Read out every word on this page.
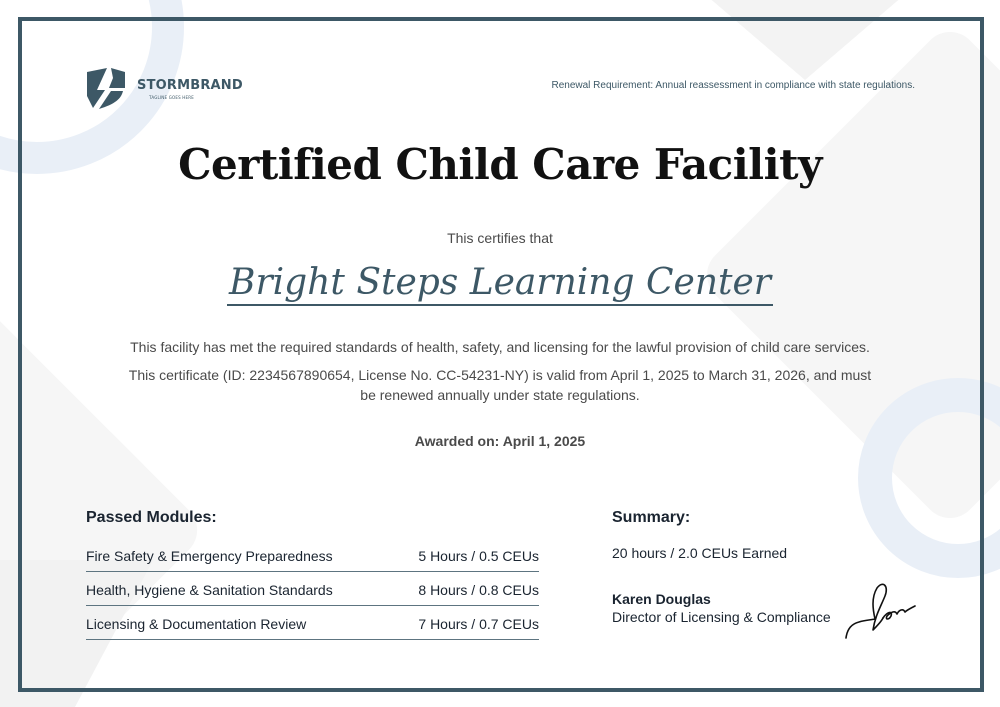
STORMBRAND
TAGLINE GOES HERE
Renewal Requirement: Annual reassessment in compliance with state regulations.
Certified Child Care Facility
This certifies that
Bright Steps Learning Center
This facility has met the required standards of health, safety, and licensing for the lawful provision of child care services.
This certificate (ID: 2234567890654, License No. CC-54231-NY) is valid from April 1, 2025 to March 31, 2026, and must be renewed annually under state regulations.
Awarded on: April 1, 2025
Passed Modules:
Fire Safety & Emergency Preparedness	5 Hours / 0.5 CEUs
Health, Hygiene & Sanitation Standards	8 Hours / 0.8 CEUs
Licensing & Documentation Review	7 Hours / 0.7 CEUs
Summary:
20 hours / 2.0 CEUs Earned
Karen Douglas
Director of Licensing & Compliance
